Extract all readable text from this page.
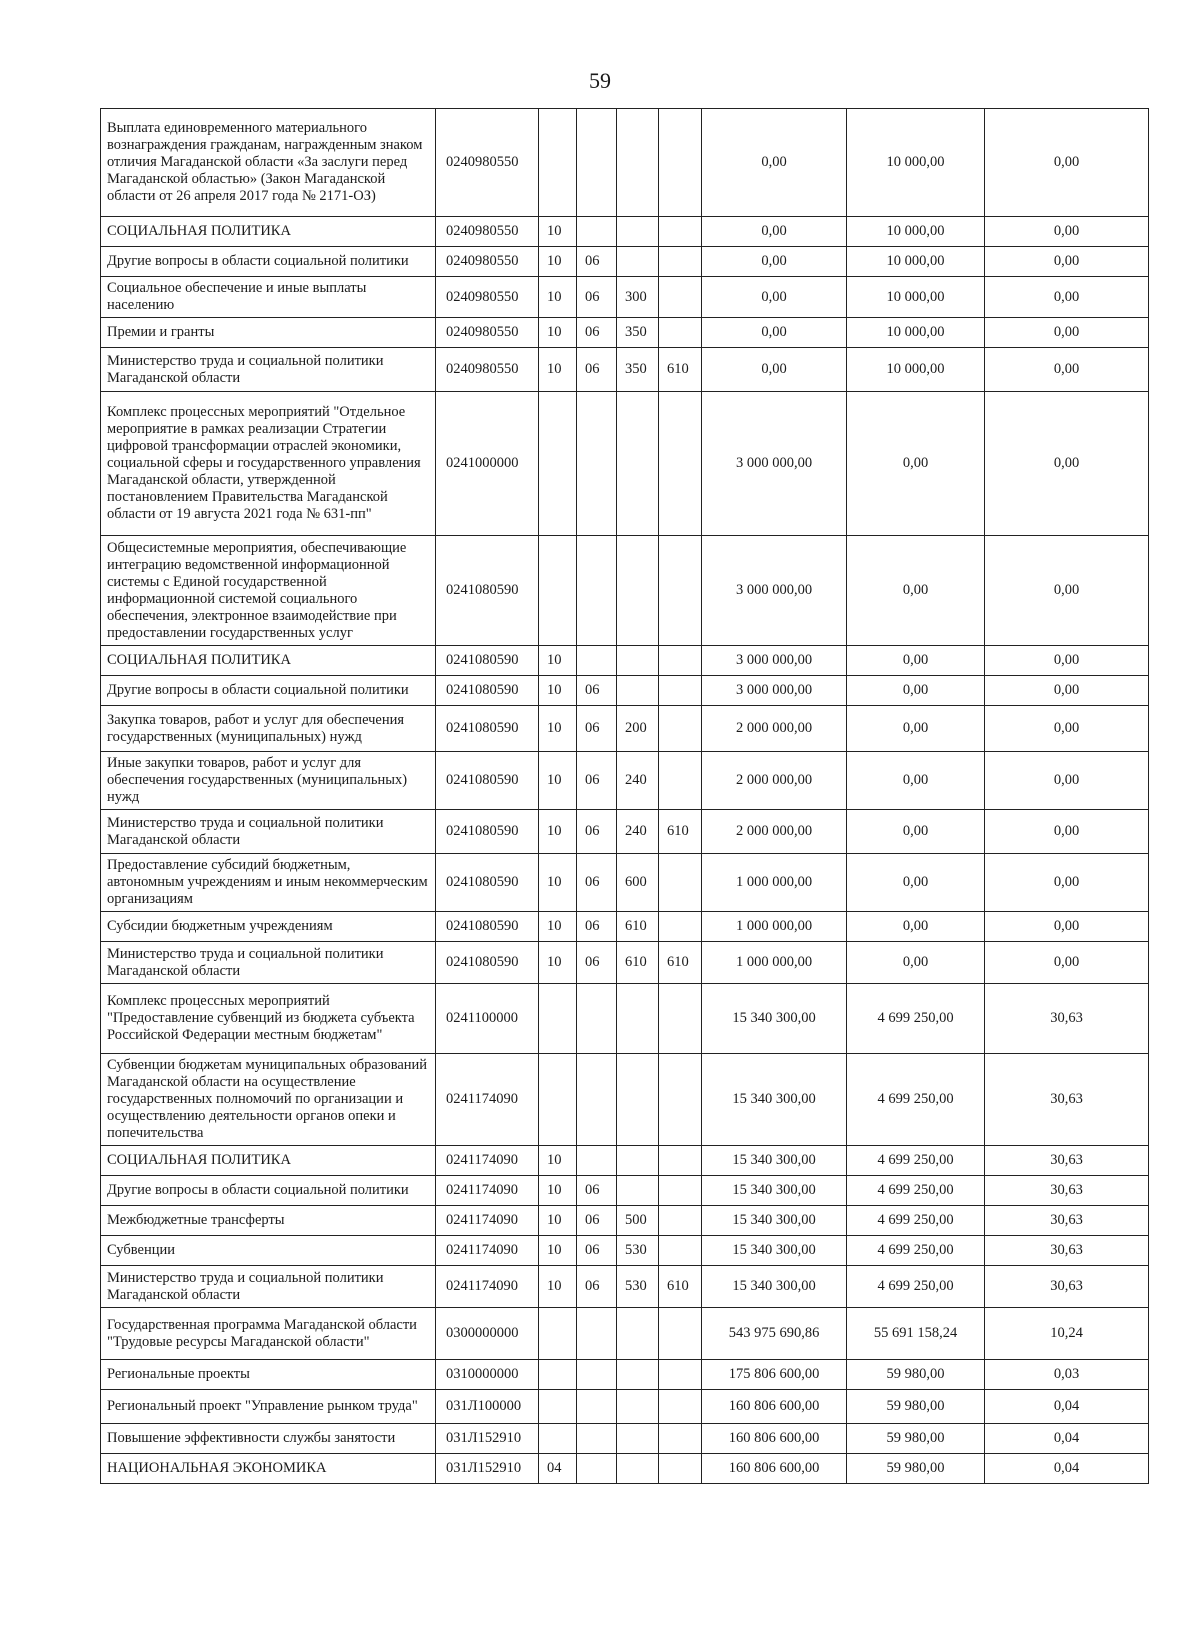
59
Выплата единовременного материального вознаграждения гражданам, награжденным знаком отличия Магаданской области «За заслуги перед Магаданской областью» (Закон Магаданской области от 26 апреля 2017 года № 2171-ОЗ)	0240980550					0,00	10 000,00	0,00
СОЦИАЛЬНАЯ ПОЛИТИКА	0240980550	10				0,00	10 000,00	0,00
Другие вопросы в области социальной политики	0240980550	10	06			0,00	10 000,00	0,00
Социальное обеспечение и иные выплаты населению	0240980550	10	06	300		0,00	10 000,00	0,00
Премии и гранты	0240980550	10	06	350		0,00	10 000,00	0,00
Министерство труда и социальной политики Магаданской области	0240980550	10	06	350	610	0,00	10 000,00	0,00
Комплекс процессных мероприятий "Отдельное мероприятие в рамках реализации Стратегии цифровой трансформации отраслей экономики, социальной сферы и государственного управления Магаданской области, утвержденной постановлением Правительства Магаданской области от 19 августа 2021 года № 631-пп"	0241000000					3 000 000,00	0,00	0,00
Общесистемные мероприятия, обеспечивающие интеграцию ведомственной информационной системы с Единой государственной информационной системой социального обеспечения, электронное взаимодействие при предоставлении государственных услуг	0241080590					3 000 000,00	0,00	0,00
СОЦИАЛЬНАЯ ПОЛИТИКА	0241080590	10				3 000 000,00	0,00	0,00
Другие вопросы в области социальной политики	0241080590	10	06			3 000 000,00	0,00	0,00
Закупка товаров, работ и услуг для обеспечения государственных (муниципальных) нужд	0241080590	10	06	200		2 000 000,00	0,00	0,00
Иные закупки товаров, работ и услуг для обеспечения государственных (муниципальных) нужд	0241080590	10	06	240		2 000 000,00	0,00	0,00
Министерство труда и социальной политики Магаданской области	0241080590	10	06	240	610	2 000 000,00	0,00	0,00
Предоставление субсидий бюджетным, автономным учреждениям и иным некоммерческим организациям	0241080590	10	06	600		1 000 000,00	0,00	0,00
Субсидии бюджетным учреждениям	0241080590	10	06	610		1 000 000,00	0,00	0,00
Министерство труда и социальной политики Магаданской области	0241080590	10	06	610	610	1 000 000,00	0,00	0,00
Комплекс процессных мероприятий "Предоставление субвенций из бюджета субъекта Российской Федерации местным бюджетам"	0241100000					15 340 300,00	4 699 250,00	30,63
Субвенции бюджетам муниципальных образований Магаданской области на осуществление государственных полномочий по организации и осуществлению деятельности органов опеки и попечительства	0241174090					15 340 300,00	4 699 250,00	30,63
СОЦИАЛЬНАЯ ПОЛИТИКА	0241174090	10				15 340 300,00	4 699 250,00	30,63
Другие вопросы в области социальной политики	0241174090	10	06			15 340 300,00	4 699 250,00	30,63
Межбюджетные трансферты	0241174090	10	06	500		15 340 300,00	4 699 250,00	30,63
Субвенции	0241174090	10	06	530		15 340 300,00	4 699 250,00	30,63
Министерство труда и социальной политики Магаданской области	0241174090	10	06	530	610	15 340 300,00	4 699 250,00	30,63
Государственная программа Магаданской области "Трудовые ресурсы Магаданской области"	0300000000					543 975 690,86	55 691 158,24	10,24
Региональные проекты	0310000000					175 806 600,00	59 980,00	0,03
Региональный проект "Управление рынком труда"	031Л100000					160 806 600,00	59 980,00	0,04
Повышение эффективности службы занятости	031Л152910					160 806 600,00	59 980,00	0,04
НАЦИОНАЛЬНАЯ ЭКОНОМИКА	031Л152910	04				160 806 600,00	59 980,00	0,04
